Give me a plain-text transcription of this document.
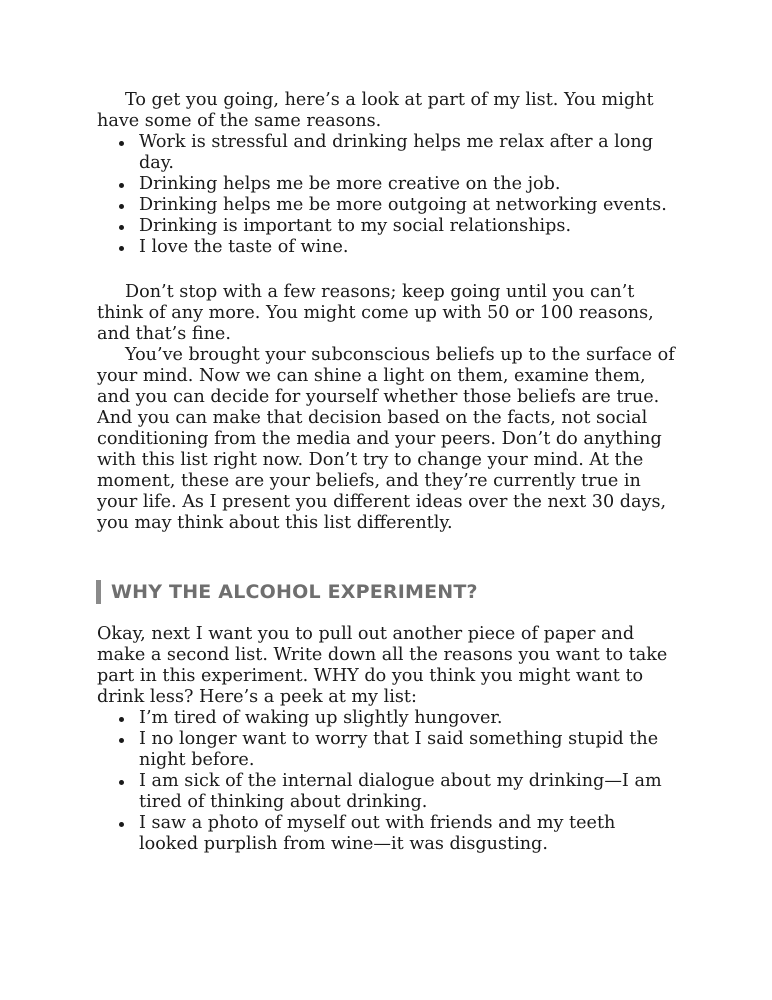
To get you going, here’s a look at part of my list. You might have some of the same reasons.

Work is stressful and drinking helps me relax after a long day.
Drinking helps me be more creative on the job.
Drinking helps me be more outgoing at networking events.
Drinking is important to my social relationships.
I love the taste of wine.

Don’t stop with a few reasons; keep going until you can’t think of any more. You might come up with 50 or 100 reasons, and that’s fine.

You’ve brought your subconscious beliefs up to the surface of your mind. Now we can shine a light on them, examine them, and you can decide for yourself whether those beliefs are true. And you can make that decision based on the facts, not social conditioning from the media and your peers. Don’t do anything with this list right now. Don’t try to change your mind. At the moment, these are your beliefs, and they’re currently true in your life. As I present you different ideas over the next 30 days, you may think about this list differently.

WHY THE ALCOHOL EXPERIMENT?

Okay, next I want you to pull out another piece of paper and make a second list. Write down all the reasons you want to take part in this experiment. WHY do you think you might want to drink less? Here’s a peek at my list:

I’m tired of waking up slightly hungover.
I no longer want to worry that I said something stupid the night before.
I am sick of the internal dialogue about my drinking—I am tired of thinking about drinking.
I saw a photo of myself out with friends and my teeth looked purplish from wine—it was disgusting.
